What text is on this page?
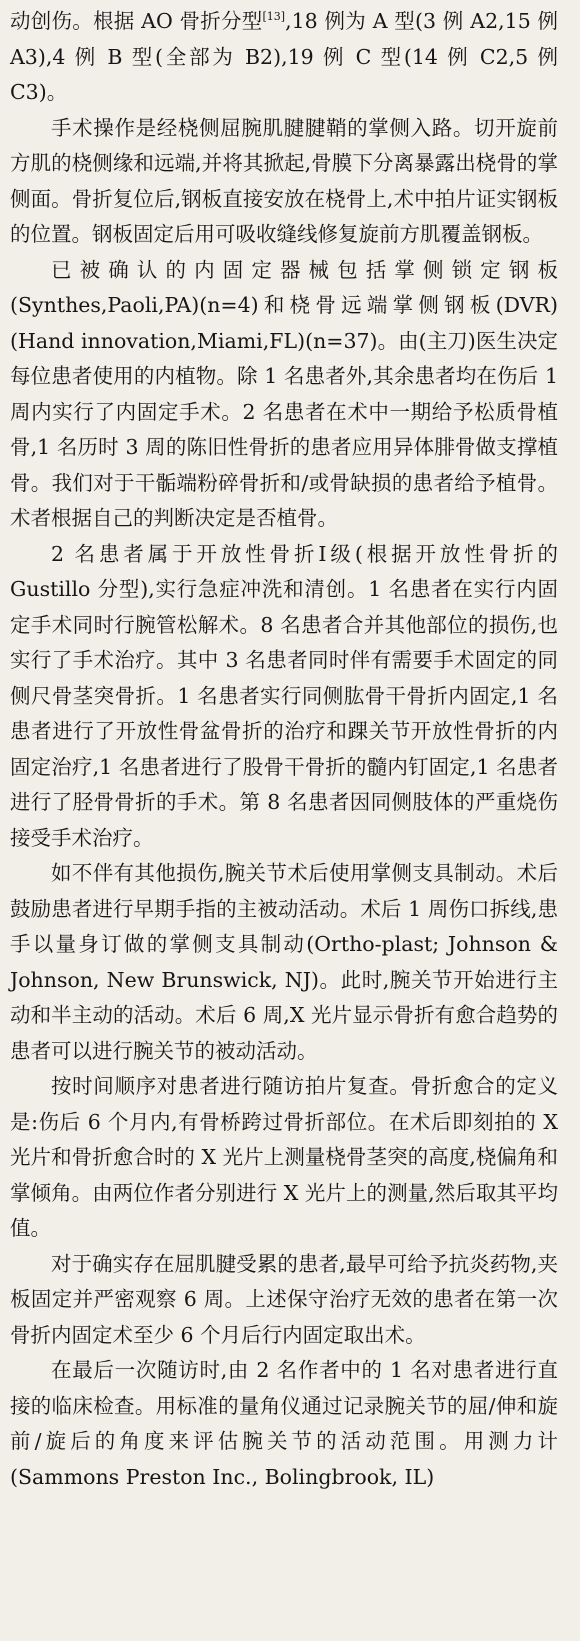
动创伤。根据 AO 骨折分型[13],18 例为 A 型(3 例 A2,15 例 A3),4 例 B 型(全部为 B2),19 例 C 型(14 例 C2,5 例 C3)。

手术操作是经桡侧屈腕肌腱腱鞘的掌侧入路。切开旋前方肌的桡侧缘和远端,并将其掀起,骨膜下分离暴露出桡骨的掌侧面。骨折复位后,钢板直接安放在桡骨上,术中拍片证实钢板的位置。钢板固定后用可吸收缝线修复旋前方肌覆盖钢板。

已被确认的内固定器械包括掌侧锁定钢板(Synthes,Paoli,PA)(n=4)和桡骨远端掌侧钢板(DVR)(Hand innovation,Miami,FL)(n=37)。由(主刀)医生决定每位患者使用的内植物。除 1 名患者外,其余患者均在伤后 1 周内实行了内固定手术。2 名患者在术中一期给予松质骨植骨,1 名历时 3 周的陈旧性骨折的患者应用异体腓骨做支撑植骨。我们对于干骺端粉碎骨折和/或骨缺损的患者给予植骨。术者根据自己的判断决定是否植骨。

2 名患者属于开放性骨折Ⅰ级(根据开放性骨折的 Gustillo 分型),实行急症冲洗和清创。1 名患者在实行内固定手术同时行腕管松解术。8 名患者合并其他部位的损伤,也实行了手术治疗。其中 3 名患者同时伴有需要手术固定的同侧尺骨茎突骨折。1 名患者实行同侧肱骨干骨折内固定,1 名患者进行了开放性骨盆骨折的治疗和踝关节开放性骨折的内固定治疗,1 名患者进行了股骨干骨折的髓内钉固定,1 名患者进行了胫骨骨折的手术。第 8 名患者因同侧肢体的严重烧伤接受手术治疗。

如不伴有其他损伤,腕关节术后使用掌侧支具制动。术后鼓励患者进行早期手指的主被动活动。术后 1 周伤口拆线,患手以量身订做的掌侧支具制动(Ortho-plast; Johnson & Johnson, New Brunswick, NJ)。此时,腕关节开始进行主动和半主动的活动。术后 6 周,X 光片显示骨折有愈合趋势的患者可以进行腕关节的被动活动。

按时间顺序对患者进行随访拍片复查。骨折愈合的定义是:伤后 6 个月内,有骨桥跨过骨折部位。在术后即刻拍的 X 光片和骨折愈合时的 X 光片上测量桡骨茎突的高度,桡偏角和掌倾角。由两位作者分别进行 X 光片上的测量,然后取其平均值。

对于确实存在屈肌腱受累的患者,最早可给予抗炎药物,夹板固定并严密观察 6 周。上述保守治疗无效的患者在第一次骨折内固定术至少 6 个月后行内固定取出术。

在最后一次随访时,由 2 名作者中的 1 名对患者进行直接的临床检查。用标准的量角仪通过记录腕关节的屈/伸和旋前/旋后的角度来评估腕关节的活动范围。用测力计(Sammons Preston Inc., Bolingbrook, IL)
